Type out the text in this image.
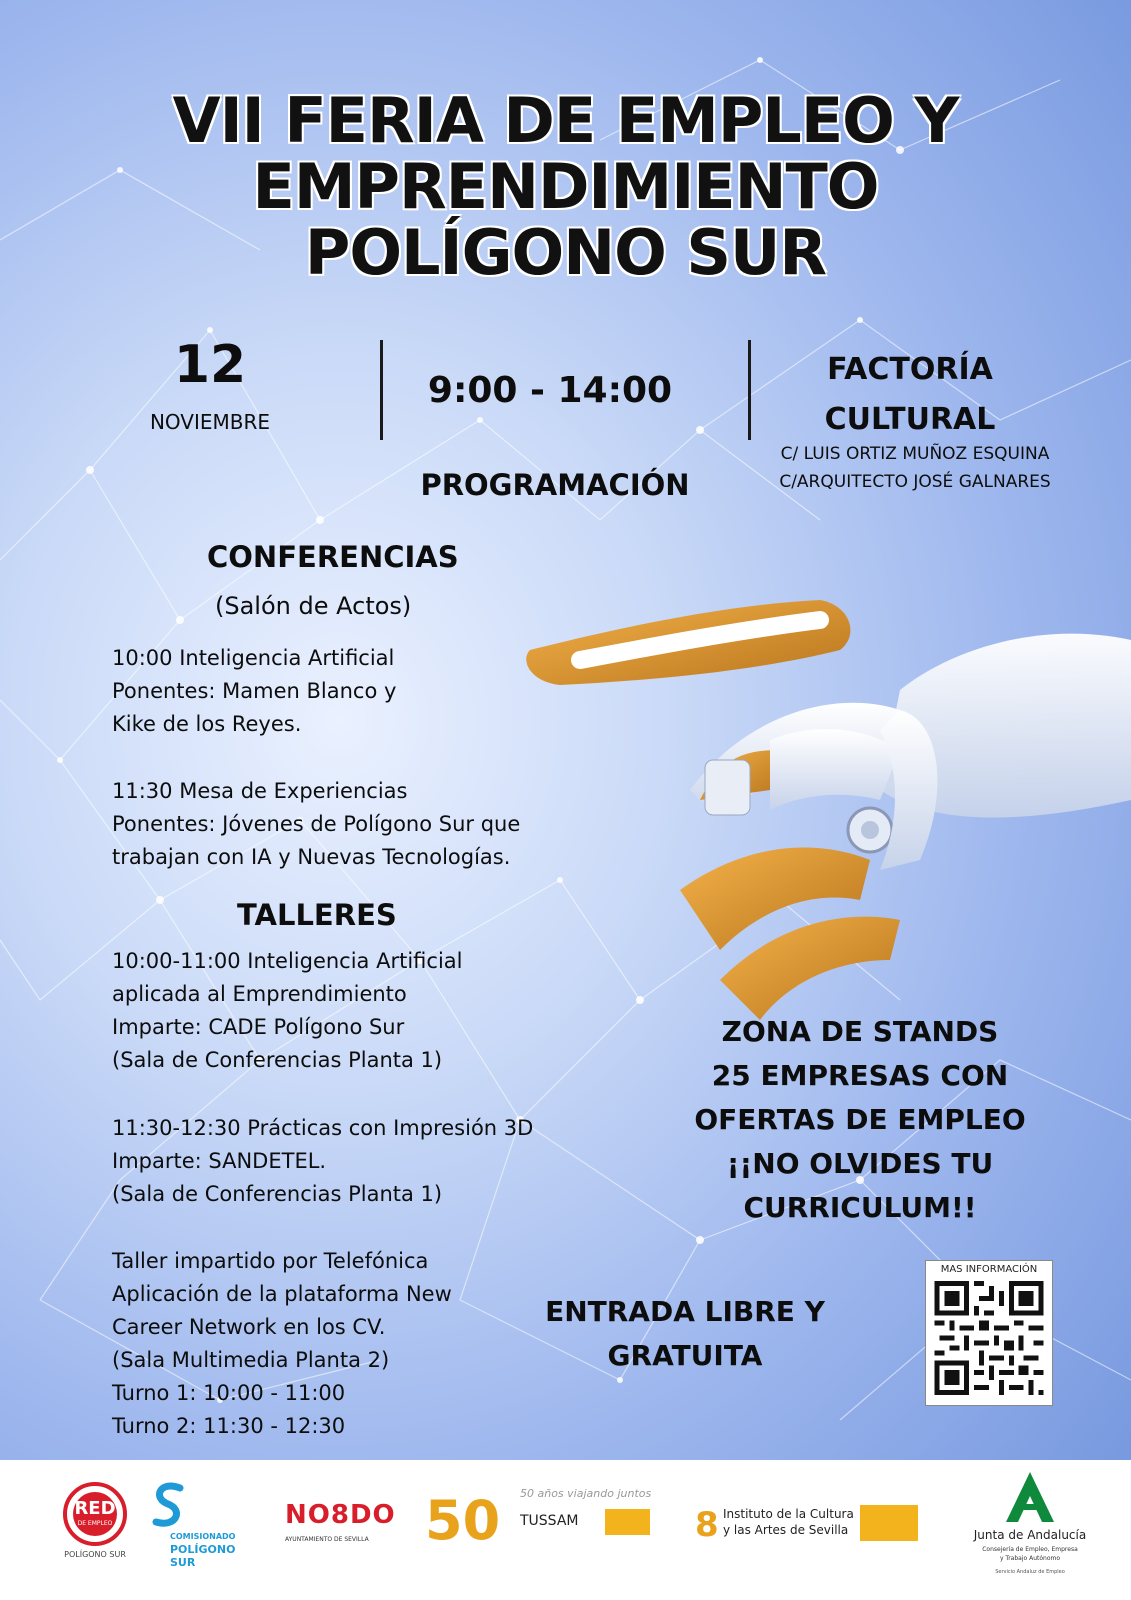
VII FERIA DE EMPLEO Y
EMPRENDIMIENTO
POLÍGONO SUR
12
NOVIEMBRE
9:00 - 14:00
FACTORÍA
CULTURAL
C/ LUIS ORTIZ MUÑOZ ESQUINA
C/ARQUITECTO JOSÉ GALNARES
PROGRAMACIÓN
CONFERENCIAS
(Salón de Actos)
10:00 Inteligencia Artificial
Ponentes: Mamen Blanco y
Kike de los Reyes.
11:30 Mesa de Experiencias
Ponentes: Jóvenes de Polígono Sur que
trabajan con IA y Nuevas Tecnologías.
TALLERES
10:00-11:00 Inteligencia Artificial
aplicada al Emprendimiento
Imparte: CADE Polígono Sur
(Sala de Conferencias Planta 1)
11:30-12:30 Prácticas con Impresión 3D
Imparte: SANDETEL.
(Sala de Conferencias Planta 1)
Taller impartido por Telefónica
Aplicación de la plataforma New
Career Network en los CV.
(Sala Multimedia Planta 2)
Turno 1: 10:00 - 11:00
Turno 2: 11:30 - 12:30
ZONA DE STANDS
25 EMPRESAS CON
OFERTAS DE EMPLEO
¡¡NO OLVIDES TU
CURRICULUM!!
ENTRADA LIBRE Y
GRATUITA
MAS INFORMACIÓN
RED
DE EMPLEO
POLÍGONO SUR
COMISIONADO
POLÍGONO SUR
NO8DO
AYUNTAMIENTO DE SEVILLA	50 50 años viajando juntos
TUSSAM	8 Instituto de la Cultura
y las Artes de Sevilla	Junta de Andalucía
Consejería de Empleo, Empresa
y Trabajo Autónomo
Servicio Andaluz de Empleo
